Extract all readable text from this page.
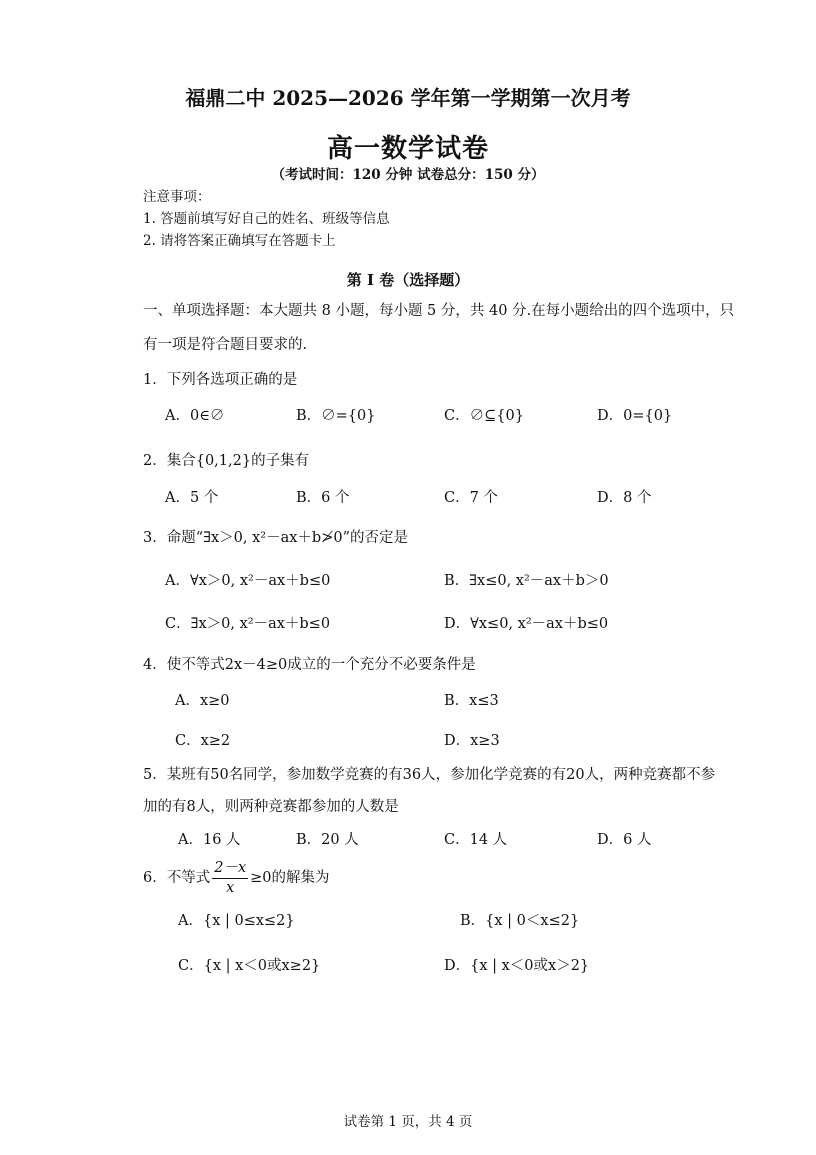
福鼎二中 2025—2026 学年第一学期第一次月考
高一数学试卷
（考试时间：120 分钟 试卷总分：150 分）
注意事项：
1. 答题前填写好自己的姓名、班级等信息
2. 请将答案正确填写在答题卡上
第 I 卷（选择题）
一、单项选择题：本大题共 8 小题，每小题 5 分，共 40 分.在每小题给出的四个选项中，只
有一项是符合题目要求的.
1．下列各选项正确的是
A．0∈∅	B．∅={0}	C．∅⊆{0}	D．0={0}
2．集合{0,1,2}的子集有
A．5 个	B．6 个	C．7 个	D．8 个
3．命题“∃x＞0, x²－ax＋b≯0”的否定是
A．∀x＞0, x²－ax＋b≤0	B．∃x≤0, x²－ax＋b＞0
C．∃x＞0, x²－ax＋b≤0	D．∀x≤0, x²－ax＋b≤0
4．使不等式2x－4≥0成立的一个充分不必要条件是
A．x≥0	B．x≤3
C．x≥2	D．x≥3
5．某班有50名同学，参加数学竞赛的有36人，参加化学竞赛的有20人，两种竞赛都不参
加的有8人，则两种竞赛都参加的人数是
A．16 人	B．20 人	C．14 人	D．6 人
6．不等式 $\frac{2-x}{x} \ge 0$的解集为
A．{x | 0≤x≤2}	B．{x | 0＜x≤2}
C．{x | x＜0或x≥2}	D．{x | x＜0或x＞2}
试卷第 1 页，共 4 页
